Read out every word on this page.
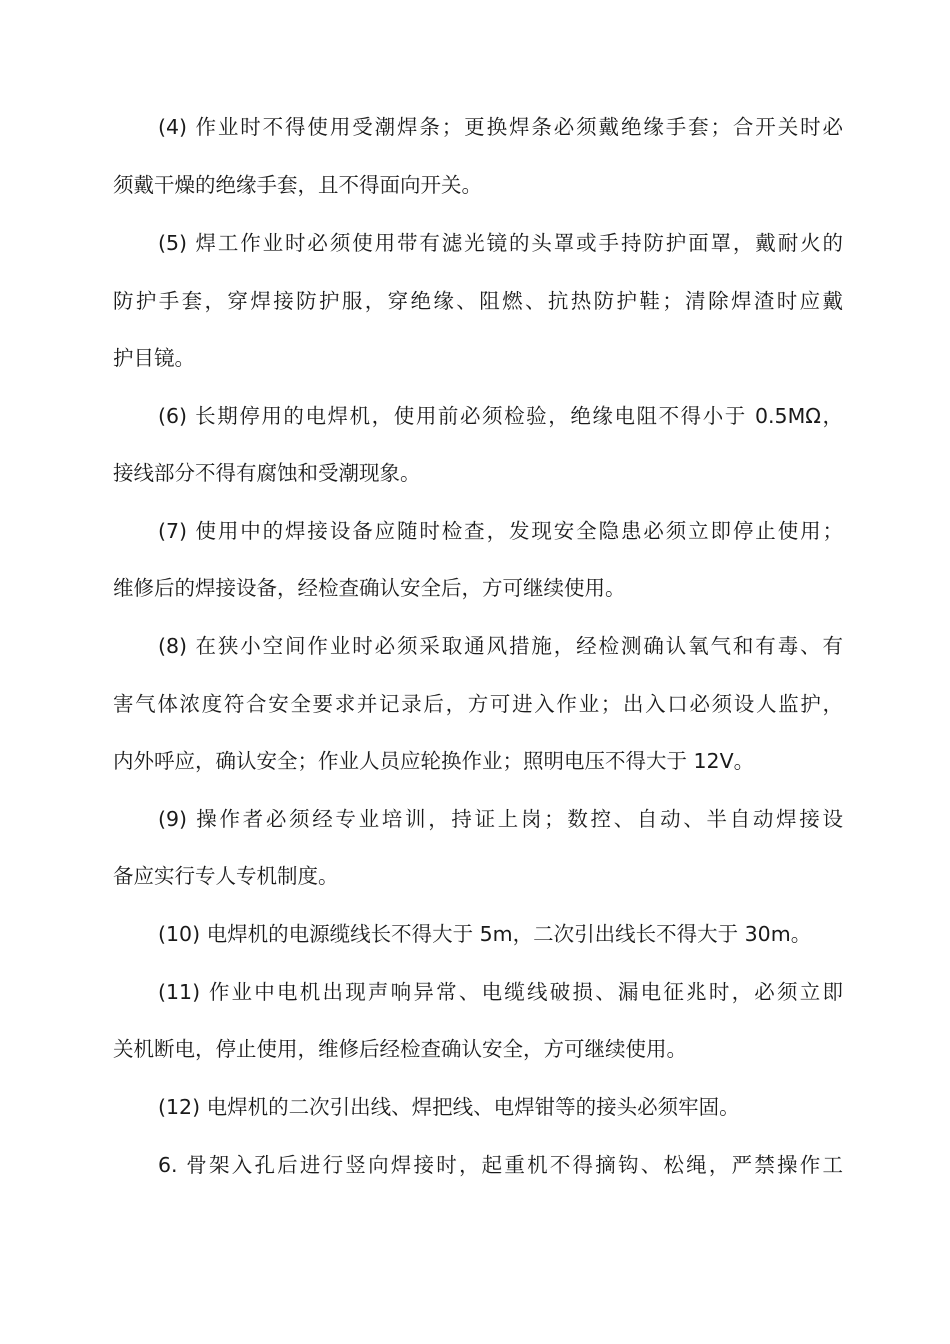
(4) 作业时不得使用受潮焊条；更换焊条必须戴绝缘手套；合开关时必
须戴干燥的绝缘手套，且不得面向开关。
(5) 焊工作业时必须使用带有滤光镜的头罩或手持防护面罩，戴耐火的
防护手套，穿焊接防护服，穿绝缘、阻燃、抗热防护鞋；清除焊渣时应戴
护目镜。
(6) 长期停用的电焊机，使用前必须检验，绝缘电阻不得小于 0.5MΩ，
接线部分不得有腐蚀和受潮现象。
(7) 使用中的焊接设备应随时检查，发现安全隐患必须立即停止使用；
维修后的焊接设备，经检查确认安全后，方可继续使用。
(8) 在狭小空间作业时必须采取通风措施，经检测确认氧气和有毒、有
害气体浓度符合安全要求并记录后，方可进入作业；出入口必须设人监护，
内外呼应，确认安全；作业人员应轮换作业；照明电压不得大于 12V。
(9) 操作者必须经专业培训，持证上岗；数控、自动、半自动焊接设
备应实行专人专机制度。
(10) 电焊机的电源缆线长不得大于 5m，二次引出线长不得大于 30m。
(11) 作业中电机出现声响异常、电缆线破损、漏电征兆时，必须立即
关机断电，停止使用，维修后经检查确认安全，方可继续使用。
(12) 电焊机的二次引出线、焊把线、电焊钳等的接头必须牢固。
6. 骨架入孔后进行竖向焊接时，起重机不得摘钩、松绳，严禁操作工
